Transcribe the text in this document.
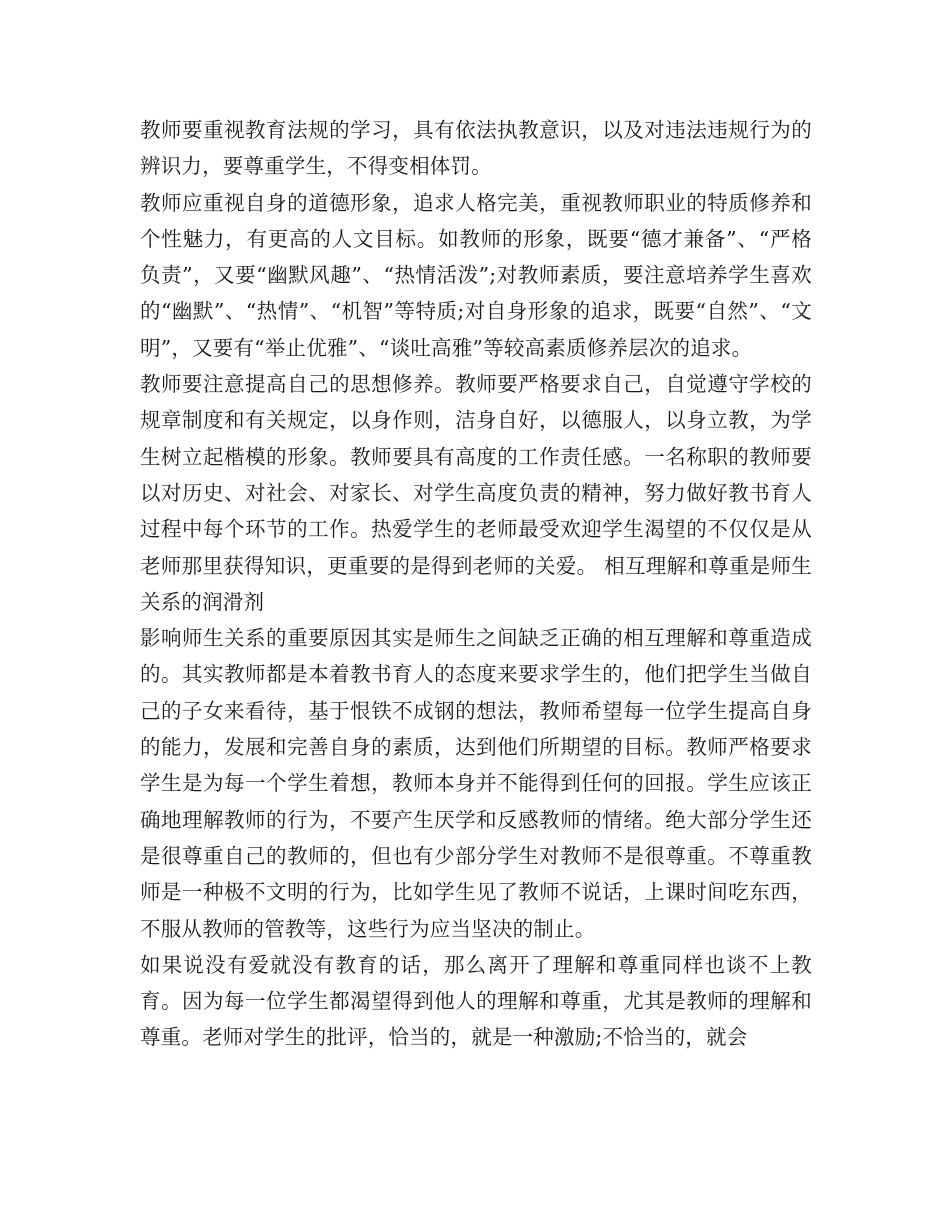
教师要重视教育法规的学习，具有依法执教意识，以及对违法违规行为的辨识力，要尊重学生，不得变相体罚。

教师应重视自身的道德形象，追求人格完美，重视教师职业的特质修养和个性魅力，有更高的人文目标。如教师的形象，既要“德才兼备”、“严格负责”，又要“幽默风趣”、“热情活泼”;对教师素质，要注意培养学生喜欢的“幽默”、“热情”、“机智”等特质;对自身形象的追求，既要“自然”、“文明”，又要有“举止优雅”、“谈吐高雅”等较高素质修养层次的追求。

教师要注意提高自己的思想修养。教师要严格要求自己，自觉遵守学校的规章制度和有关规定，以身作则，洁身自好，以德服人，以身立教，为学生树立起楷模的形象。教师要具有高度的工作责任感。一名称职的教师要以对历史、对社会、对家长、对学生高度负责的精神，努力做好教书育人过程中每个环节的工作。热爱学生的老师最受欢迎学生渴望的不仅仅是从老师那里获得知识，更重要的是得到老师的关爱。 相互理解和尊重是师生关系的润滑剂

影响师生关系的重要原因其实是师生之间缺乏正确的相互理解和尊重造成的。其实教师都是本着教书育人的态度来要求学生的，他们把学生当做自己的子女来看待，基于恨铁不成钢的想法，教师希望每一位学生提高自身的能力，发展和完善自身的素质，达到他们所期望的目标。教师严格要求学生是为每一个学生着想，教师本身并不能得到任何的回报。学生应该正确地理解教师的行为，不要产生厌学和反感教师的情绪。绝大部分学生还是很尊重自己的教师的，但也有少部分学生对教师不是很尊重。不尊重教师是一种极不文明的行为，比如学生见了教师不说话，上课时间吃东西，不服从教师的管教等，这些行为应当坚决的制止。

如果说没有爱就没有教育的话，那么离开了理解和尊重同样也谈不上教育。因为每一位学生都渴望得到他人的理解和尊重，尤其是教师的理解和尊重。老师对学生的批评，恰当的，就是一种激励;不恰当的，就会
